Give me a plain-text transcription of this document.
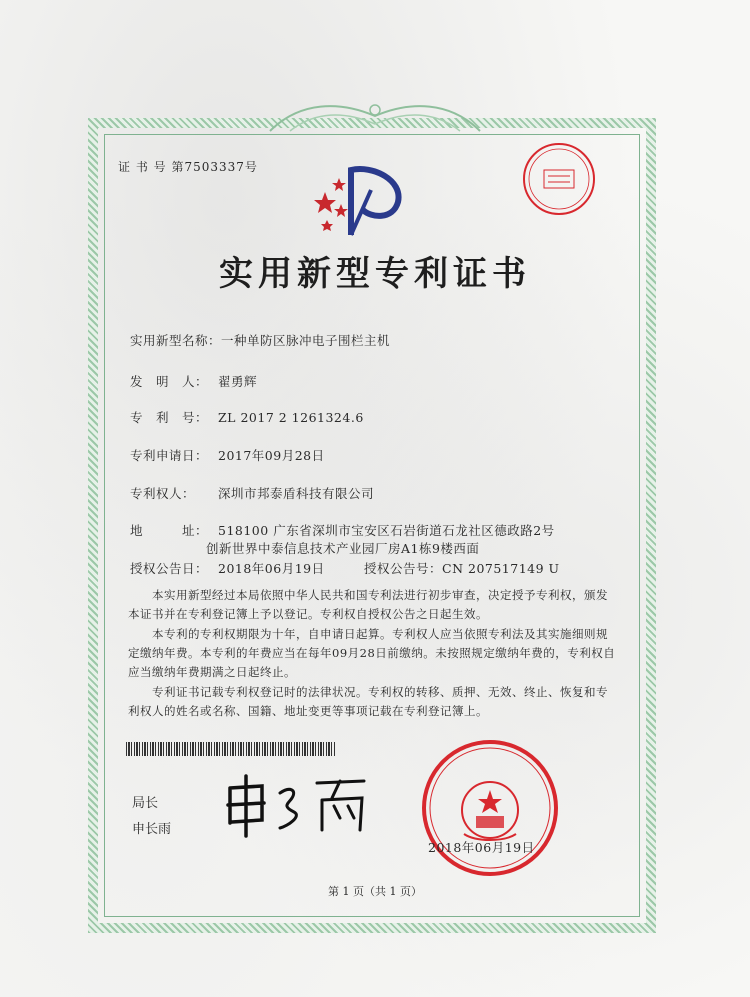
证 书 号 第7503337号
实用新型专利证书
实用新型名称：一种单防区脉冲电子围栏主机
发　明　人： 翟勇辉
专　利　号： ZL 2017 2 1261324.6
专利申请日： 2017年09月28日
专利权人： 深圳市邦泰盾科技有限公司
地　　　址： 518100 广东省深圳市宝安区石岩街道石龙社区德政路2号
创新世界中泰信息技术产业园厂房A1栋9楼西面
授权公告日： 2018年06月19日	授权公告号：CN 207517149 U
本实用新型经过本局依照中华人民共和国专利法进行初步审查，决定授予专利权，颁发本证书并在专利登记簿上予以登记。专利权自授权公告之日起生效。
本专利的专利权期限为十年，自申请日起算。专利权人应当依照专利法及其实施细则规定缴纳年费。本专利的年费应当在每年09月28日前缴纳。未按照规定缴纳年费的，专利权自应当缴纳年费期满之日起终止。
专利证书记载专利权登记时的法律状况。专利权的转移、质押、无效、终止、恢复和专利权人的姓名或名称、国籍、地址变更等事项记载在专利登记簿上。
局长
申长雨
2018年06月19日
第 1 页（共 1 页）
